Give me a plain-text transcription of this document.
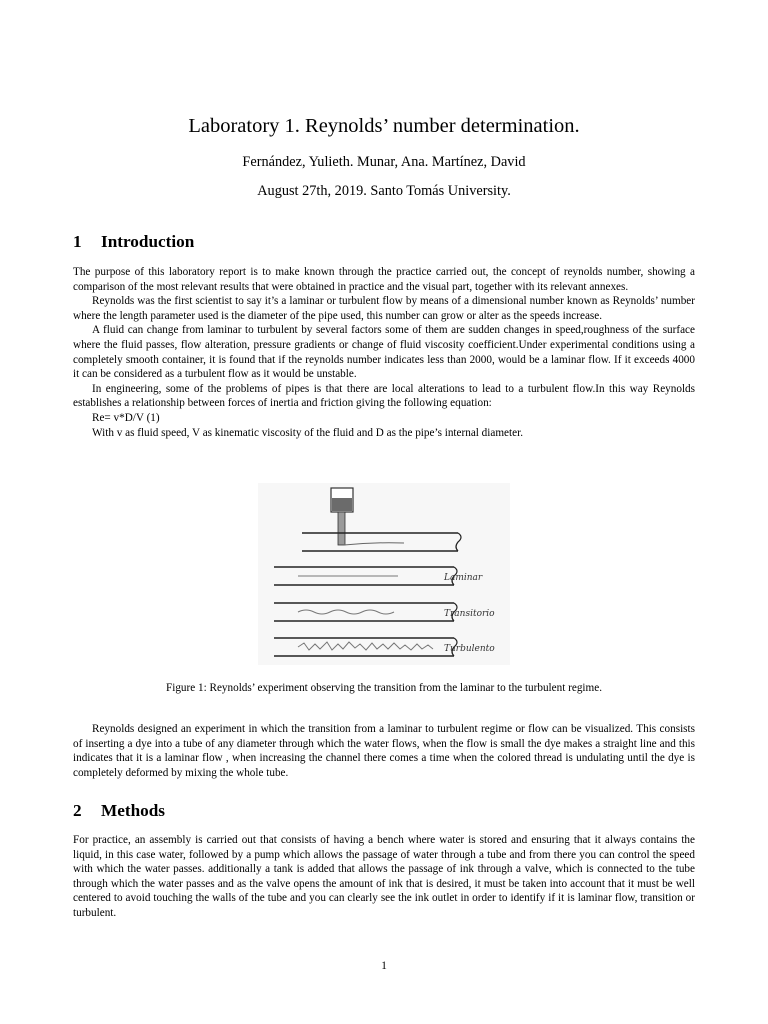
Laboratory 1. Reynolds’ number determination.
Fernández, Yulieth. Munar, Ana. Martínez, David
August 27th, 2019. Santo Tomás University.
1 Introduction

The purpose of this laboratory report is to make known through the practice carried out, the concept of reynolds number, showing a comparison of the most relevant results that were obtained in practice and the visual part, together with its relevant annexes.

Reynolds was the first scientist to say it’s a laminar or turbulent flow by means of a dimensional number known as Reynolds’ number where the length parameter used is the diameter of the pipe used, this number can grow or alter as the speeds increase.

A fluid can change from laminar to turbulent by several factors some of them are sudden changes in speed,roughness of the surface where the fluid passes, flow alteration, pressure gradients or change of fluid viscosity coefficient.Under experimental conditions using a completely smooth container, it is found that if the reynolds number indicates less than 2000, would be a laminar flow. If it exceeds 4000 it can be considered as a turbulent flow as it would be unstable.

In engineering, some of the problems of pipes is that there are local alterations to lead to a turbulent flow.In this way Reynolds establishes a relationship between forces of inertia and friction giving the following equation:

Re= v*D/V (1)

With v as fluid speed, V as kinematic viscosity of the fluid and D as the pipe’s internal diameter.

Laminar
Transitorio
Turbulento
Figure 1: Reynolds’ experiment observing the transition from the laminar to the turbulent regime.

Reynolds designed an experiment in which the transition from a laminar to turbulent regime or flow can be visualized. This consists of inserting a dye into a tube of any diameter through which the water flows, when the flow is small the dye makes a straight line and this indicates that it is a laminar flow , when increasing the channel there comes a time when the colored thread is undulating until the dye is completely deformed by mixing the whole tube.

2 Methods

For practice, an assembly is carried out that consists of having a bench where water is stored and ensuring that it always contains the liquid, in this case water, followed by a pump which allows the passage of water through a tube and from there you can control the speed with which the water passes. additionally a tank is added that allows the passage of ink through a valve, which is connected to the tube through which the water passes and as the valve opens the amount of ink that is desired, it must be taken into account that it must be well centered to avoid touching the walls of the tube and you can clearly see the ink outlet in order to identify if it is laminar flow, transition or turbulent.

1
